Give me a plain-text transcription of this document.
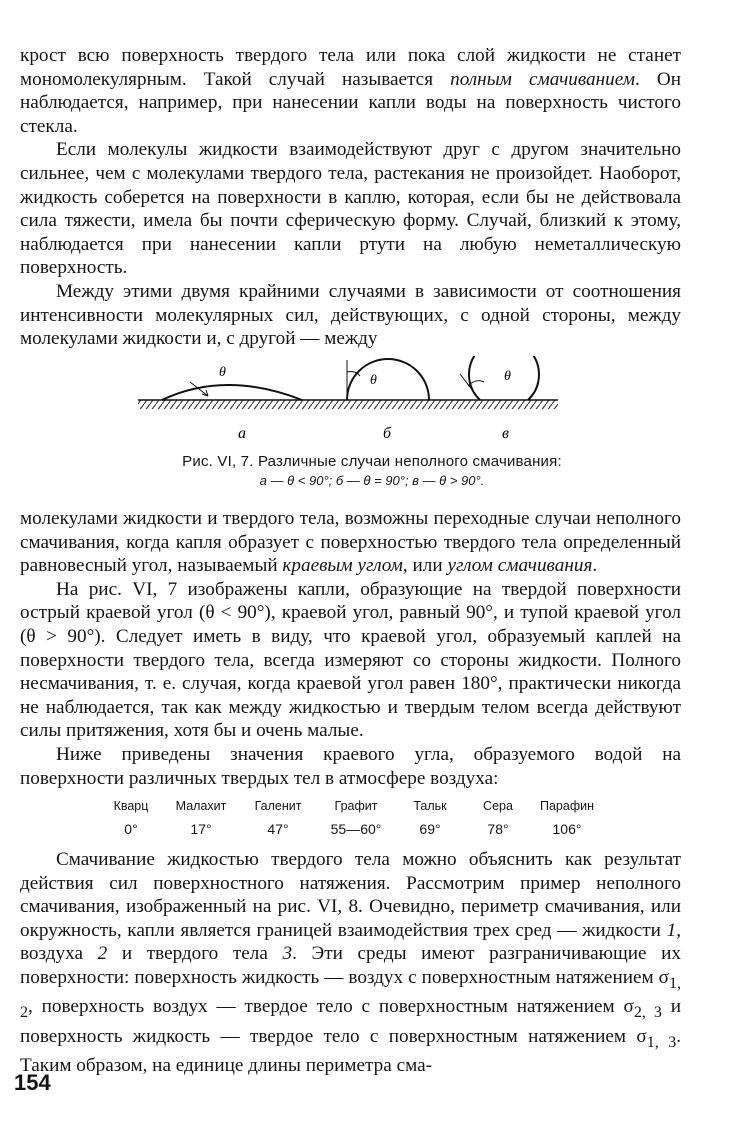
крост всю поверхность твердого тела или пока слой жидкости не станет мономолекулярным. Такой случай называется полным смачиванием. Он наблюдается, например, при нанесении капли воды на поверхность чистого стекла.

Если молекулы жидкости взаимодействуют друг с другом значительно сильнее, чем с молекулами твердого тела, растекания не произойдет. Наоборот, жидкость соберется на поверхности в каплю, которая, если бы не действовала сила тяжести, имела бы почти сферическую форму. Случай, близкий к этому, наблюдается при нанесении капли ртути на любую неметаллическую поверхность.

Между этими двумя крайними случаями в зависимости от соотношения интенсивности молекулярных сил, действующих, с одной стороны, между молекулами жидкости и, с другой — между

θ
θ	θ
а	б	в
Рис. VI, 7. Различные случаи неполного смачивания:
а — θ < 90°; б — θ = 90°; в — θ > 90°.

молекулами жидкости и твердого тела, возможны переходные случаи неполного смачивания, когда капля образует с поверхностью твердого тела определенный равновесный угол, называемый краевым углом, или углом смачивания.

На рис. VI, 7 изображены капли, образующие на твердой поверхности острый краевой угол (θ < 90°), краевой угол, равный 90°, и тупой краевой угол (θ > 90°). Следует иметь в виду, что краевой угол, образуемый каплей на поверхности твердого тела, всегда измеряют со стороны жидкости. Полного несмачивания, т. е. случая, когда краевой угол равен 180°, практически никогда не наблюдается, так как между жидкостью и твердым телом всегда действуют силы притяжения, хотя бы и очень малые.

Ниже приведены значения краевого угла, образуемого водой на поверхности различных твердых тел в атмосфере воздуха:

Кварц	Малахит	Галенит	Графит	Тальк	Сера	Парафин
0°	17°	47°	55—60°	69°	78°	106°

Смачивание жидкостью твердого тела можно объяснить как результат действия сил поверхностного натяжения. Рассмотрим пример неполного смачивания, изображенный на рис. VI, 8. Очевидно, периметр смачивания, или окружность, капли является границей взаимодействия трех сред — жидкости 1, воздуха 2 и твердого тела 3. Эти среды имеют разграничивающие их поверхности: поверхность жидкость — воздух с поверхностным натяжением $\sigma_{1, 2}$, поверхность воздух — твердое тело с поверхностным натяжением $\sigma_{2, 3}$ и поверхность жидкость — твердое тело с поверхностным натяжением $\sigma_{1, 3}$. Таким образом, на единице длины периметра сма-

154
